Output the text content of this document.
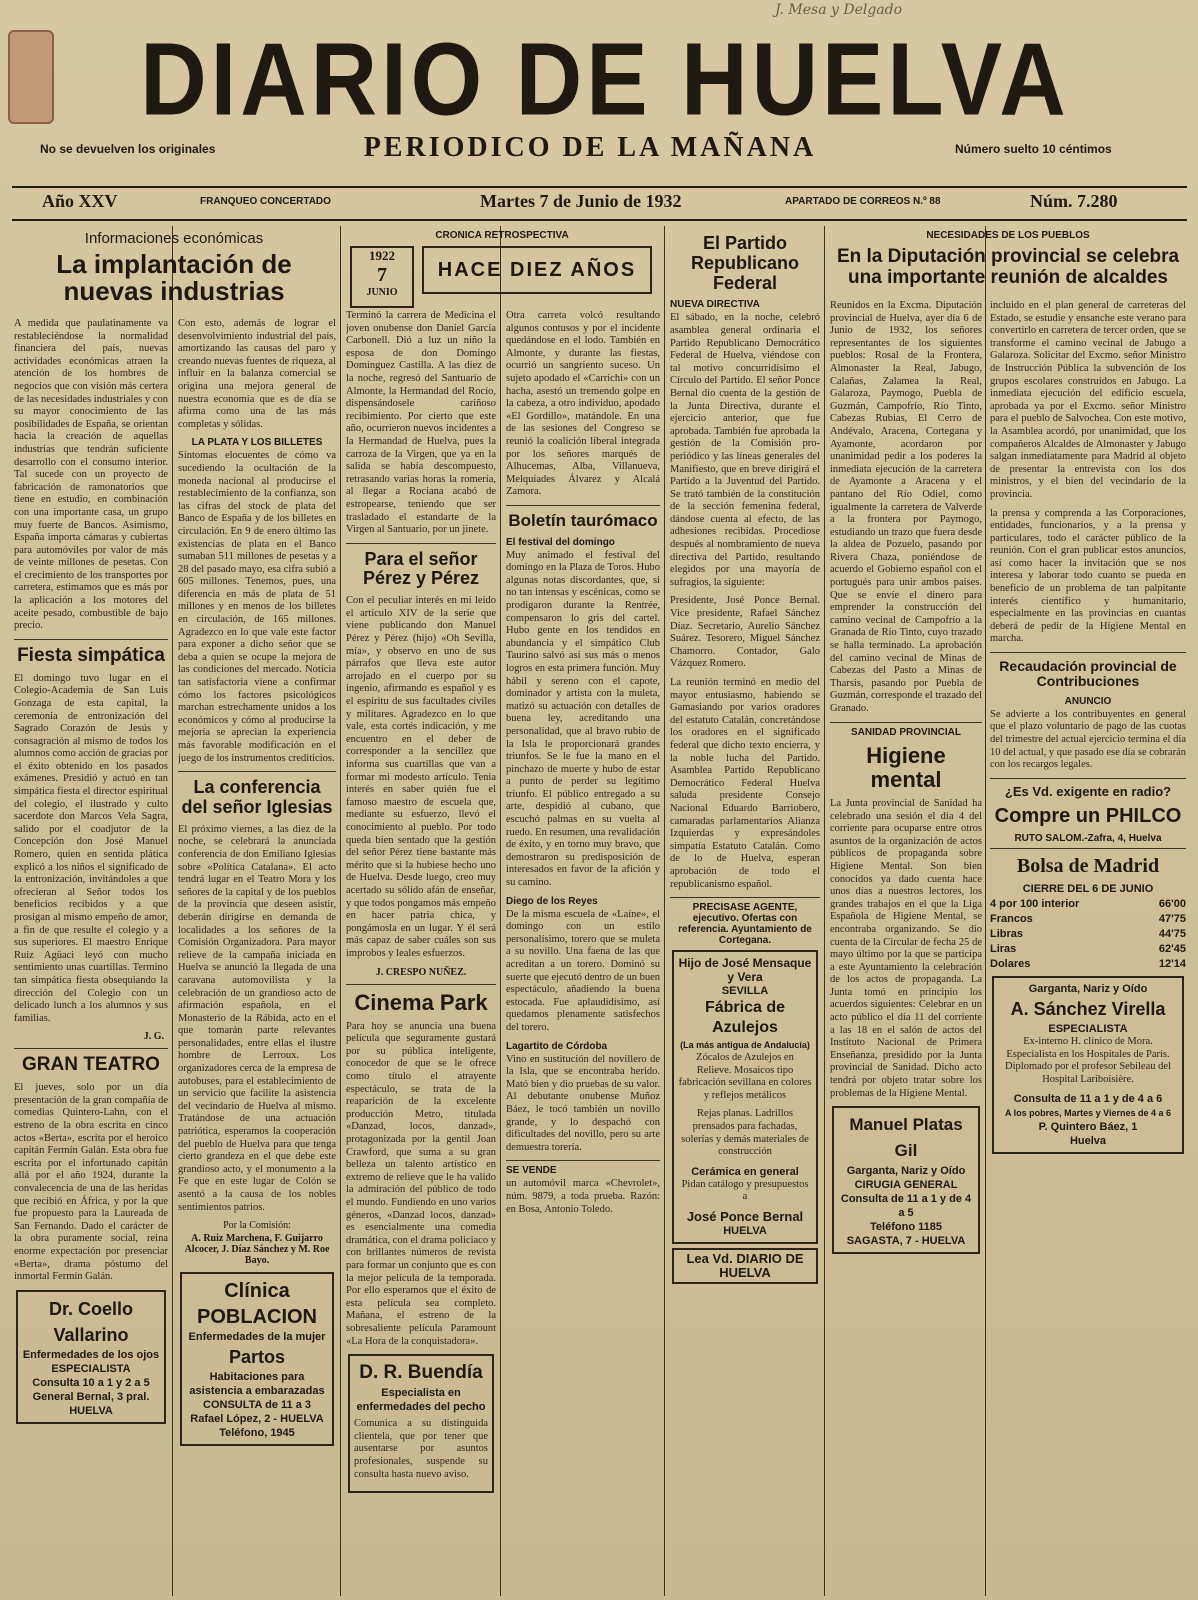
J. Mesa y Delgado
DIARIO DE HUELVA
No se devuelven los originales	PERIODICO DE LA MAÑANA	Número suelto 10 céntimos
Año XXV	FRANQUEO CONCERTADO	Martes 7 de Junio de 1932	APARTADO DE CORREOS N.º 88	Núm. 7.280
Informaciones económicas
La implantación de nuevas industrias

A medida que paulatinamente va restableciéndose la normalidad financiera del país, nuevas actividades económicas atraen la atención de los hombres de negocios que con visión más certera de las necesidades industriales y con su mayor conocimiento de las posibilidades de España, se orientan hacia la creación de aquellas industrias que tendrán suficiente desarrollo con el consumo interior. Tal sucede con un proyecto de fabricación de ramonatorios que tiene en estudio, en combinación con una importante casa, un grupo muy fuerte de Bancos. Asimismo, España importa cámaras y cubiertas para automóviles por valor de más de veinte millones de pesetas. Con el crecimiento de los transportes por carretera, estimamos que es más por la aplicación a los motores del aceite pesado, combustible de bajo precio.

Fiesta simpática

El domingo tuvo lugar en el Colegio-Academia de San Luis Gonzaga de esta capital, la ceremonia de entronización del Sagrado Corazón de Jesús y consagración al mismo de todos los alumnos como acción de gracias por el éxito obtenido en los pasados exámenes. Presidió y actuó en tan simpática fiesta el director espiritual del colegio, el ilustrado y culto sacerdote don Marcos Vela Sagra, salido por el coadjutor de la Concepción don José Manuel Romero, quien en sentida plática explicó a los niños el significado de la entronización, invitándoles a que ofrecieran al Señor todos los beneficios recibidos y a que prosigan al mismo empeño de amor, a fin de que resulte el colegio y a sus superiores. El maestro Enrique Ruiz Agüaci leyó con mucho sentimiento unas cuartillas. Termino tan simpática fiesta obsequiando la dirección del Colegio con un delicado lunch a los alumnos y sus familias.

J. G.
GRAN TEATRO

El jueves, solo por un día presentación de la gran compañía de comedias Quintero-Lahn, con el estreno de la obra escrita en cinco actos «Berta», escrita por el heroico capitán Fermín Galán. Esta obra fue escrita por el infortunado capitán allá por el año 1924, durante la convalecencia de una de las heridas que recibió en África, y por la que fue propuesto para la Laureada de San Fernando. Dado el carácter de la obra puramente social, reina enorme expectación por presenciar «Berta», drama póstumo del inmortal Fermín Galán.

Dr. Coello Vallarino
Enfermedades de los ojos
ESPECIALISTA
Consulta 10 a 1 y 2 a 5
General Bernal, 3 pral.
HUELVA

Con esto, además de lograr el desenvolvimiento industrial del país, amortizando las causas del paro y creando nuevas fuentes de riqueza, al influir en la balanza comercial se origina una mejora general de nuestra economía que es de día se afirma como una de las más completas y sólidas.

LA PLATA Y LOS BILLETES

Síntomas elocuentes de cómo va sucediendo la ocultación de la moneda nacional al producirse el restablecimiento de la confianza, son las cifras del stock de plata del Banco de España y de los billetes en circulación. En 9 de enero último las existencias de plata en el Banco sumaban 511 millones de pesetas y a 28 del pasado mayo, esa cifra subió a 605 millones. Tenemos, pues, una diferencia en más de plata de 51 millones y en menos de los billetes en circulación, de 165 millones. Agradezco en lo que vale este factor para exponer a dicho señor que se deba a quien se ocupe la mejora de las condiciones del mercado. Noticia tan satisfactoria viene a confirmar cómo los factores psicológicos marchan estrechamente unidos a los económicos y cómo al producirse la mejoría se aprecian la experiencia más favorable modificación en el juego de los instrumentos crediticios.

La conferencia del señor Iglesias

El próximo viernes, a las diez de la noche, se celebrará la anunciada conferencia de don Emiliano Iglesias sobre «Política Catalana». El acto tendrá lugar en el Teatro Mora y los señores de la capital y de los pueblos de la provincia que deseen asistir, deberán dirigirse en demanda de localidades a los señores de la Comisión Organizadora. Para mayor relieve de la campaña iniciada en Huelva se anunció la llegada de una caravana automovilista y la celebración de un grandioso acto de afirmación española, en el Monasterio de la Rábida, acto en el que tomarán parte relevantes personalidades, entre ellas el ilustre hombre de Lerroux. Los organizadores cerca de la empresa de autobuses, para el establecimiento de un servicio que facilite la asistencia del vecindario de Huelva al mismo. Tratándose de una actuación patriótica, esperamos la cooperación del pueblo de Huelva para que tenga cierto grandeza en el que debe este grandioso acto, y el monumento a la Fe que en este lugar de Colón se asentó a la causa de los nobles sentimientos patrios.

Por la Comisión:
A. Ruiz Marchena, F. Guijarro Alcocer, J. Díaz Sánchez y M. Roe Bayo.
Clínica POBLACION
Enfermedades de la mujer
Partos
Habitaciones para asistencia a embarazadas
CONSULTA de 11 a 3
Rafael López, 2 - HUELVA
Teléfono, 1945
CRONICA RETROSPECTIVA
1922
7
JUNIO
HACE DIEZ AÑOS

Terminó la carrera de Medicina el joven onubense don Daniel García Carbonell. Dió a luz un niño la esposa de don Domingo Domínguez Castilla. A las diez de la noche, regresó del Santuario de Almonte, la Hermandad del Rocío, dispensándosele cariñoso recibimiento. Por cierto que este año, ocurrieron nuevos incidentes a la Hermandad de Huelva, pues la carroza de la Virgen, que ya en la salida se había descompuesto, retrasando varias horas la romería, al llegar a Rociana acabó de estropearse, teniendo que ser trasladado el estandarte de la Virgen al Santuario, por un jinete.

Para el señor Pérez y Pérez

Con el peculiar interés en mí leído el artículo XIV de la serie que viene publicando don Manuel Pérez y Pérez (hijo) «Oh Sevilla, mía», y observo en uno de sus párrafos que lleva este autor arrojado en el cuerpo por su ingenio, afirmando es español y es el espíritu de sus facultades civiles y militares. Agradezco en lo que vale, esta cortés indicación, y me encuentro en el deber de corresponder a la sencillez que informa sus cuartillas que van a formar mi modesto artículo. Tenía interés en saber quién fue el famoso maestro de escuela que, mediante su esfuerzo, llevó el conocimiento al pueblo. Por todo queda bien sentado que la gestión del señor Pérez tiene bastante más mérito que si la hubiese hecho uno de Huelva. Desde luego, creo muy acertado su sólido afán de enseñar, y que todos pongamos más empeño en hacer patria chica, y pongámosla en un lugar. Y él será más capaz de saber cuáles son sus improbos y leales esfuerzos.

J. CRESPO NUÑEZ.
Cinema Park

Para hoy se anuncia una buena película que seguramente gustará por su pública inteligente, conocedor de que se le ofrece como título el atrayente espectáculo, se trata de la reaparición de la excelente producción Metro, titulada «Danzad, locos, danzad», protagonizada por la gentil Joan Crawford, que suma a su gran belleza un talento artístico en extremo de relieve que le ha valido la admiración del público de todo el mundo. Fundiendo en uno varios géneros, «Danzad locos, danzad» es esencialmente una comedia dramática, con el drama policiaco y con brillantes números de revista para formar un conjunto que es con la mejor película de la temporada. Por ello esperamos que el éxito de esta película sea completo. Mañana, el estreno de la sobresaliente película Paramount «La Hora de la conquistadora».

D. R. Buendía
Especialista en enfermedades del pecho

Comunica a su distinguida clientela, que por tener que ausentarse por asuntos profesionales, suspende su consulta hasta nuevo aviso.

Otra carreta volcó resultando algunos contusos y por el incidente quedándose en el lodo. También en Almonte, y durante las fiestas, ocurrió un sangriento suceso. Un sujeto apodado el «Carrichi» con un hacha, asestó un tremendo golpe en la cabeza, a otro individuo, apodado «El Gordillo», matándole. En una de las sesiones del Congreso se reunió la coalición liberal integrada por los señores marqués de Alhucemas, Alba, Villanueva, Melquíades Álvarez y Alcalá Zamora.

Boletín taurómaco
El festival del domingo

Muy animado el festival del domingo en la Plaza de Toros. Hubo algunas notas discordantes, que, si no tan intensas y escénicas, como se prodigaron durante la Rentrée, compensaron lo gris del cartel. Hubo gente en los tendidos en abundancia y el simpático Club Taurino salvó así sus más o menos logros en esta primera función. Muy hábil y sereno con el capote, dominador y artista con la muleta, matizó su actuación con detalles de buena ley, acreditando una personalidad, que al bravo rubio de la Isla le proporcionará grandes triunfos. Se le fue la mano en el pinchazo de muerte y hubo de estar a punto de perder su legítimo triunfo. El público entregado a su arte, despidió al cubano, que escuchó palmas en su vuelta al ruedo. En resumen, una revalidación de éxito, y en torno muy bravo, que demostraron su predisposición de interesados en favor de la afición y su camino.

Diego de los Reyes

De la misma escuela de «Laíne», el domingo con un estilo personalísimo, torero que se muleta a su novillo. Una faena de las que acreditan a un torero. Dominó su suerte que ejecutó dentro de un buen espectáculo, añadiendo la buena estocada. Fue aplaudidísimo, así quedamos plenamente satisfechos del torero.

Lagartito de Córdoba

Vino en sustitución del novillero de la Isla, que se encontraba herido. Mató bien y dio pruebas de su valor. Al debutante onubense Muñoz Báez, le tocó también un novillo grande, y lo despachó con dificultades del novillo, pero su arte demuestra torería.

SE VENDE

un automóvil marca «Chevrolet», núm. 9879, a toda prueba. Razón: en Bosa, Antonio Toledo.

El Partido Republicano Federal
NUEVA DIRECTIVA

El sábado, en la noche, celebró asamblea general ordinaria el Partido Republicano Democrático Federal de Huelva, viéndose con tal motivo concurridísimo el Círculo del Partido. El señor Ponce Bernal dio cuenta de la gestión de la Junta Directiva, durante el ejercicio anterior, que fue aprobada. También fue aprobada la gestión de la Comisión pro-periódico y las líneas generales del Manifiesto, que en breve dirigirá el Partido a la Juventud del Partido. Se trató también de la constitución de la sección femenina federal, dándose cuenta al efecto, de las adhesiones recibidas. Procediose después al nombramiento de nueva directiva del Partido, resultando elegidos por una mayoría de sufragios, la siguiente:

Presidente, José Ponce Bernal. Vice presidente, Rafael Sánchez Díaz. Secretario, Aurelio Sánchez Suárez. Tesorero, Miguel Sánchez Chamorro. Contador, Galo Vázquez Romero.

La reunión terminó en medio del mayor entusiasmo, habiendo se Gamasiando por varios oradores del estatuto Catalán, concretándose los oradores en el significado federal que dicho texto encierra, y la noble lucha del Partido. Asamblea Partido Republicano Democrático Federal Huelva saluda presidente Consejo Nacional Eduardo Barriobero, camaradas parlamentarios Alianza Izquierdas y expresándoles simpatía Estatuto Catalán. Como de lo de Huelva, esperan aprobación de todo el republicanismo español.

PRECISASE AGENTE, ejecutivo. Ofertas con referencia. Ayuntamiento de Cortegana.
Hijo de José Mensaque y Vera
SEVILLA
Fábrica de Azulejos
(La más antigua de Andalucía)
Zócalos de Azulejos en Relieve. Mosaicos tipo fabricación sevillana en colores y reflejos metálicos
Rejas planas. Ladrillos prensados para fachadas, solerías y demás materiales de construcción
Cerámica en general
Pidan catálogo y presupuestos a
José Ponce Bernal
HUELVA
Lea Vd. DIARIO DE HUELVA
NECESIDADES DE LOS PUEBLOS
En la Diputación provincial se celebra una importante reunión de alcaldes

Reunidos en la Excma. Diputación provincial de Huelva, ayer día 6 de Junio de 1932, los señores representantes de los siguientes pueblos: Rosal de la Frontera, Almonaster la Real, Jabugo, Calañas, Zalamea la Real, Galaroza, Paymogo, Puebla de Guzmán, Campofrío, Río Tinto, Cabezas Rubias, El Cerro de Andévalo, Aracena, Cortegana y Ayamonte, acordaron por unanimidad pedir a los poderes la inmediata ejecución de la carretera de Ayamonte a Aracena y el pantano del Río Odiel, como igualmente la carretera de Valverde a la frontera por Paymogo, estudiando un trazo que fuera desde la aldea de Pozuelo, pasando por Rivera Chaza, poniéndose de acuerdo el Gobierno español con el portugués para unir ambos países. Que se envíe el dinero para emprender la construcción del camino vecinal de Campofrío a la Granada de Río Tinto, cuyo trazado se halla terminado. La aprobación del camino vecinal de Minas de Cabezas del Pasto a Minas de Tharsis, pasando por Puebla de Guzmán, corresponde el trazado del Granado.

SANIDAD PROVINCIAL
Higiene mental

La Junta provincial de Sanidad ha celebrado una sesión el día 4 del corriente para ocuparse entre otros asuntos de la organización de actos públicos de propaganda sobre Higiene Mental. Son bien conocidos ya dado cuenta hace unos días a nuestros lectores, los grandes trabajos en el que la Liga Española de Higiene Mental, se encontraba organizando. Se dio cuenta de la Circular de fecha 25 de mayo último por la que se participa a este Ayuntamiento la celebración de los actos de propaganda. La Junta tomó en principio los acuerdos siguientes: Celebrar en un acto público el día 11 del corriente a las 18 en el salón de actos del Instituto Nacional de Primera Enseñanza, presidido por la Junta provincial de Sanidad. Dicho acto tendrá por objeto tratar sobre los problemas de la Higiene Mental.

Manuel Platas Gil
Garganta, Nariz y Oído
CIRUGIA GENERAL
Consulta de 11 a 1 y de 4 a 5
Teléfono 1185
SAGASTA, 7 - HUELVA

incluido en el plan general de carreteras del Estado, se estudie y ensanche este verano para convertirlo en carretera de tercer orden, que se transforme el camino vecinal de Jabugo a Galaroza. Solicitar del Excmo. señor Ministro de Instrucción Pública la subvención de los grupos escolares construidos en Jabugo. La inmediata ejecución del edificio escuela, aprobada ya por el Excmo. señor Ministro para el pueblo de Salvochea. Con este motivo, la Asamblea acordó, por unanimidad, que los compañeros Alcaldes de Almonaster y Jabugo salgan inmediatamente para Madrid al objeto de presentar la entrevista con los dos ministros, y el bien del vecindario de la provincia.

la prensa y comprenda a las Corporaciones, entidades, funcionarios, y a la prensa y particulares, todo el carácter público de la reunión. Con el gran publicar estos anuncios, así como hacer la invitación que se nos interesa y laborar todo cuanto se pueda en beneficio de un problema de tan palpitante interés científico y humanitario, especialmente en las provincias en cuantas deberá de pedir de la Higiene Mental en marcha.

Recaudación provincial de Contribuciones
ANUNCIO

Se advierte a los contribuyentes en general que el plazo voluntario de pago de las cuotas del trimestre del actual ejercicio termina el día 10 del actual, y que pasado ese día se cobrarán con los recargos legales.

¿Es Vd. exigente en radio?
Compre un PHILCO
RUTO SALOM.-Zafra, 4, Huelva
Bolsa de Madrid
CIERRE DEL 6 DE JUNIO
4 por 100 interior	66'00
Francos	47'75
Libras	44'75
Liras	62'45
Dolares	12'14
Garganta, Nariz y Oído
A. Sánchez Virella
ESPECIALISTA

Ex-interno H. clínico de Mora. Especialista en los Hospitales de París. Diplomado por el profesor Sebileau del Hospital Lariboisière.

Consulta de 11 a 1 y de 4 a 6
A los pobres, Martes y Viernes de 4 a 6
P. Quintero Báez, 1
Huelva
